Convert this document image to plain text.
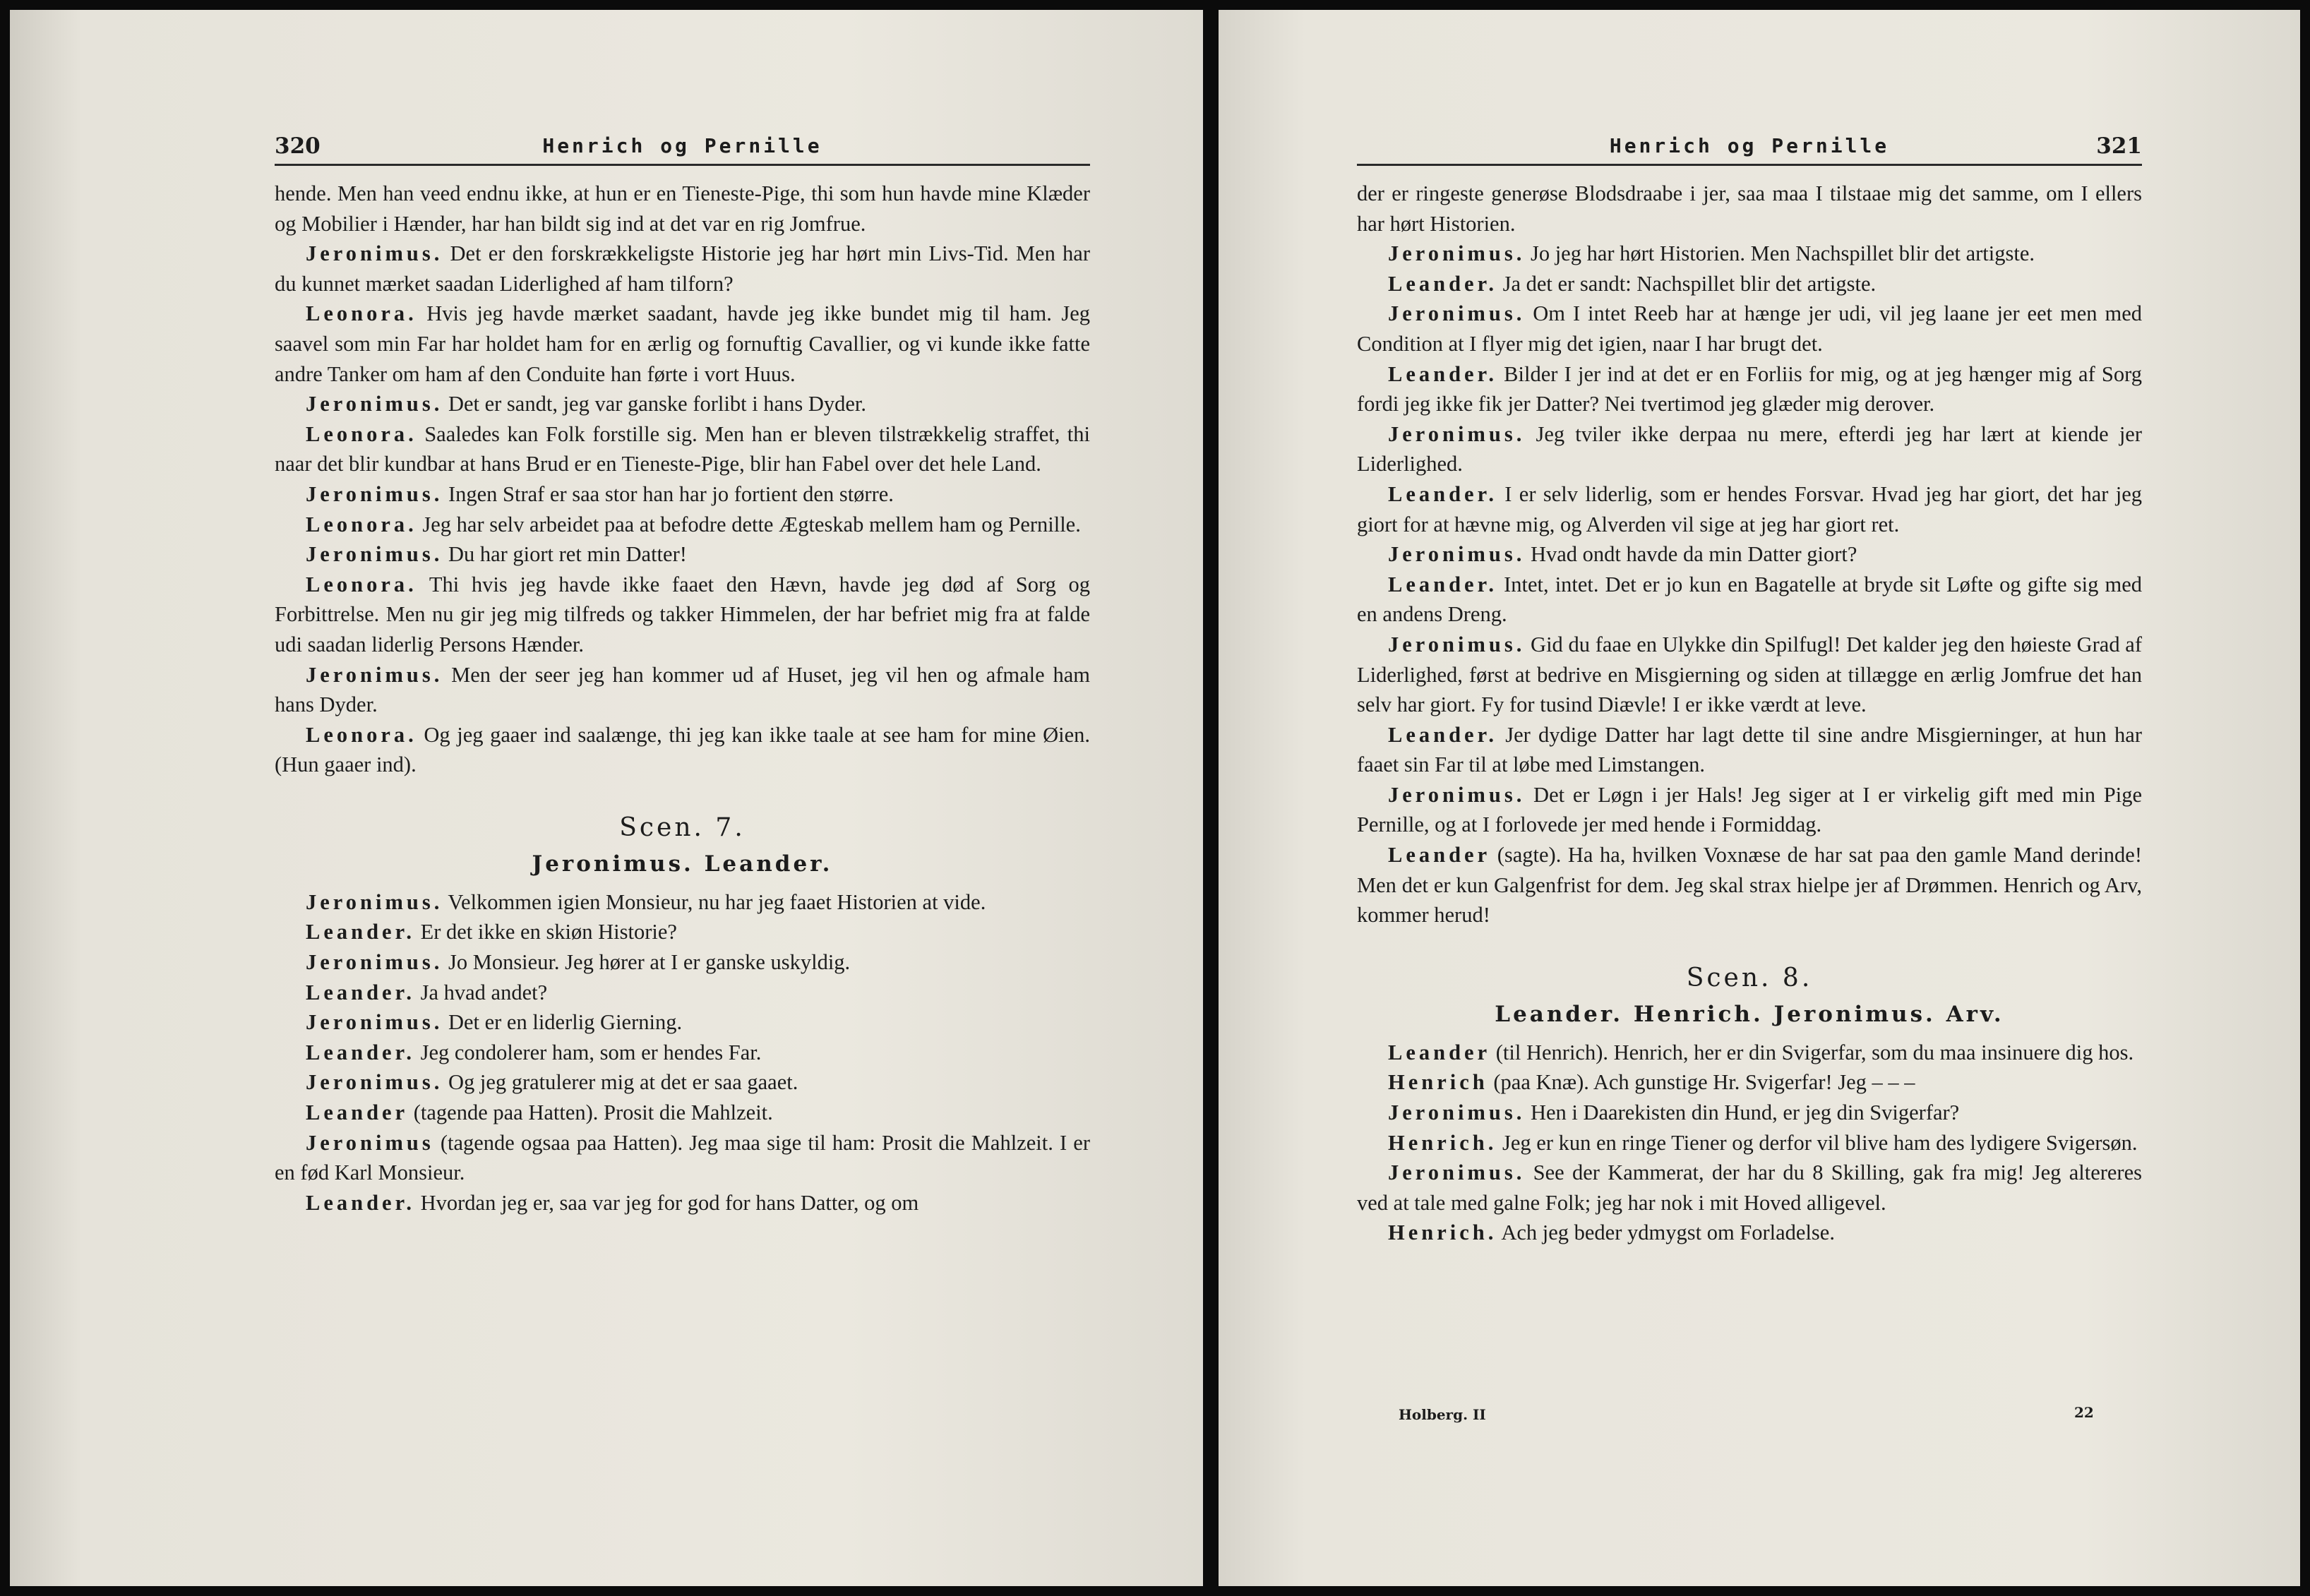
320	Henrich og Pernille

hende. Men han veed endnu ikke, at hun er en Tieneste-Pige, thi som hun havde mine Klæder og Mobilier i Hænder, har han bildt sig ind at det var en rig Jomfrue.

Jeronimus. Det er den forskrækkeligste Historie jeg har hørt min Livs-Tid. Men har du kunnet mærket saadan Liderlighed af ham tilforn?

Leonora. Hvis jeg havde mærket saadant, havde jeg ikke bundet mig til ham. Jeg saavel som min Far har holdet ham for en ærlig og fornuftig Cavallier, og vi kunde ikke fatte andre Tanker om ham af den Conduite han førte i vort Huus.

Jeronimus. Det er sandt, jeg var ganske forlibt i hans Dyder.

Leonora. Saaledes kan Folk forstille sig. Men han er bleven tilstrækkelig straffet, thi naar det blir kundbar at hans Brud er en Tieneste-Pige, blir han Fabel over det hele Land.

Jeronimus. Ingen Straf er saa stor han har jo fortient den større.

Leonora. Jeg har selv arbeidet paa at befodre dette Ægteskab mellem ham og Pernille.

Jeronimus. Du har giort ret min Datter!

Leonora. Thi hvis jeg havde ikke faaet den Hævn, havde jeg død af Sorg og Forbittrelse. Men nu gir jeg mig tilfreds og takker Himmelen, der har befriet mig fra at falde udi saadan liderlig Persons Hænder.

Jeronimus. Men der seer jeg han kommer ud af Huset, jeg vil hen og afmale ham hans Dyder.

Leonora. Og jeg gaaer ind saalænge, thi jeg kan ikke taale at see ham for mine Øien. (Hun gaaer ind).

Scen. 7.
Jeronimus. Leander.

Jeronimus. Velkommen igien Monsieur, nu har jeg faaet Historien at vide.

Leander. Er det ikke en skiøn Historie?

Jeronimus. Jo Monsieur. Jeg hører at I er ganske uskyldig.

Leander. Ja hvad andet?

Jeronimus. Det er en liderlig Gierning.

Leander. Jeg condolerer ham, som er hendes Far.

Jeronimus. Og jeg gratulerer mig at det er saa gaaet.

Leander (tagende paa Hatten). Prosit die Mahlzeit.

Jeronimus (tagende ogsaa paa Hatten). Jeg maa sige til ham: Prosit die Mahlzeit. I er en fød Karl Monsieur.

Leander. Hvordan jeg er, saa var jeg for god for hans Datter, og om

Henrich og Pernille	321

der er ringeste generøse Blodsdraabe i jer, saa maa I tilstaae mig det samme, om I ellers har hørt Historien.

Jeronimus. Jo jeg har hørt Historien. Men Nachspillet blir det artigste.

Leander. Ja det er sandt: Nachspillet blir det artigste.

Jeronimus. Om I intet Reeb har at hænge jer udi, vil jeg laane jer eet men med Condition at I flyer mig det igien, naar I har brugt det.

Leander. Bilder I jer ind at det er en Forliis for mig, og at jeg hænger mig af Sorg fordi jeg ikke fik jer Datter? Nei tvertimod jeg glæder mig derover.

Jeronimus. Jeg tviler ikke derpaa nu mere, efterdi jeg har lært at kiende jer Liderlighed.

Leander. I er selv liderlig, som er hendes Forsvar. Hvad jeg har giort, det har jeg giort for at hævne mig, og Alverden vil sige at jeg har giort ret.

Jeronimus. Hvad ondt havde da min Datter giort?

Leander. Intet, intet. Det er jo kun en Bagatelle at bryde sit Løfte og gifte sig med en andens Dreng.

Jeronimus. Gid du faae en Ulykke din Spilfugl! Det kalder jeg den høieste Grad af Liderlighed, først at bedrive en Misgierning og siden at tillægge en ærlig Jomfrue det han selv har giort. Fy for tusind Diævle! I er ikke værdt at leve.

Leander. Jer dydige Datter har lagt dette til sine andre Misgierninger, at hun har faaet sin Far til at løbe med Limstangen.

Jeronimus. Det er Løgn i jer Hals! Jeg siger at I er virkelig gift med min Pige Pernille, og at I forlovede jer med hende i Formiddag.

Leander (sagte). Ha ha, hvilken Voxnæse de har sat paa den gamle Mand derinde! Men det er kun Galgenfrist for dem. Jeg skal strax hielpe jer af Drømmen. Henrich og Arv, kommer herud!

Scen. 8.
Leander. Henrich. Jeronimus. Arv.

Leander (til Henrich). Henrich, her er din Svigerfar, som du maa insinuere dig hos.

Henrich (paa Knæ). Ach gunstige Hr. Svigerfar! Jeg – – –

Jeronimus. Hen i Daarekisten din Hund, er jeg din Svigerfar?

Henrich. Jeg er kun en ringe Tiener og derfor vil blive ham des lydigere Svigersøn.

Jeronimus. See der Kammerat, der har du 8 Skilling, gak fra mig! Jeg altereres ved at tale med galne Folk; jeg har nok i mit Hoved alligevel.

Henrich. Ach jeg beder ydmygst om Forladelse.

Holberg. II	22
